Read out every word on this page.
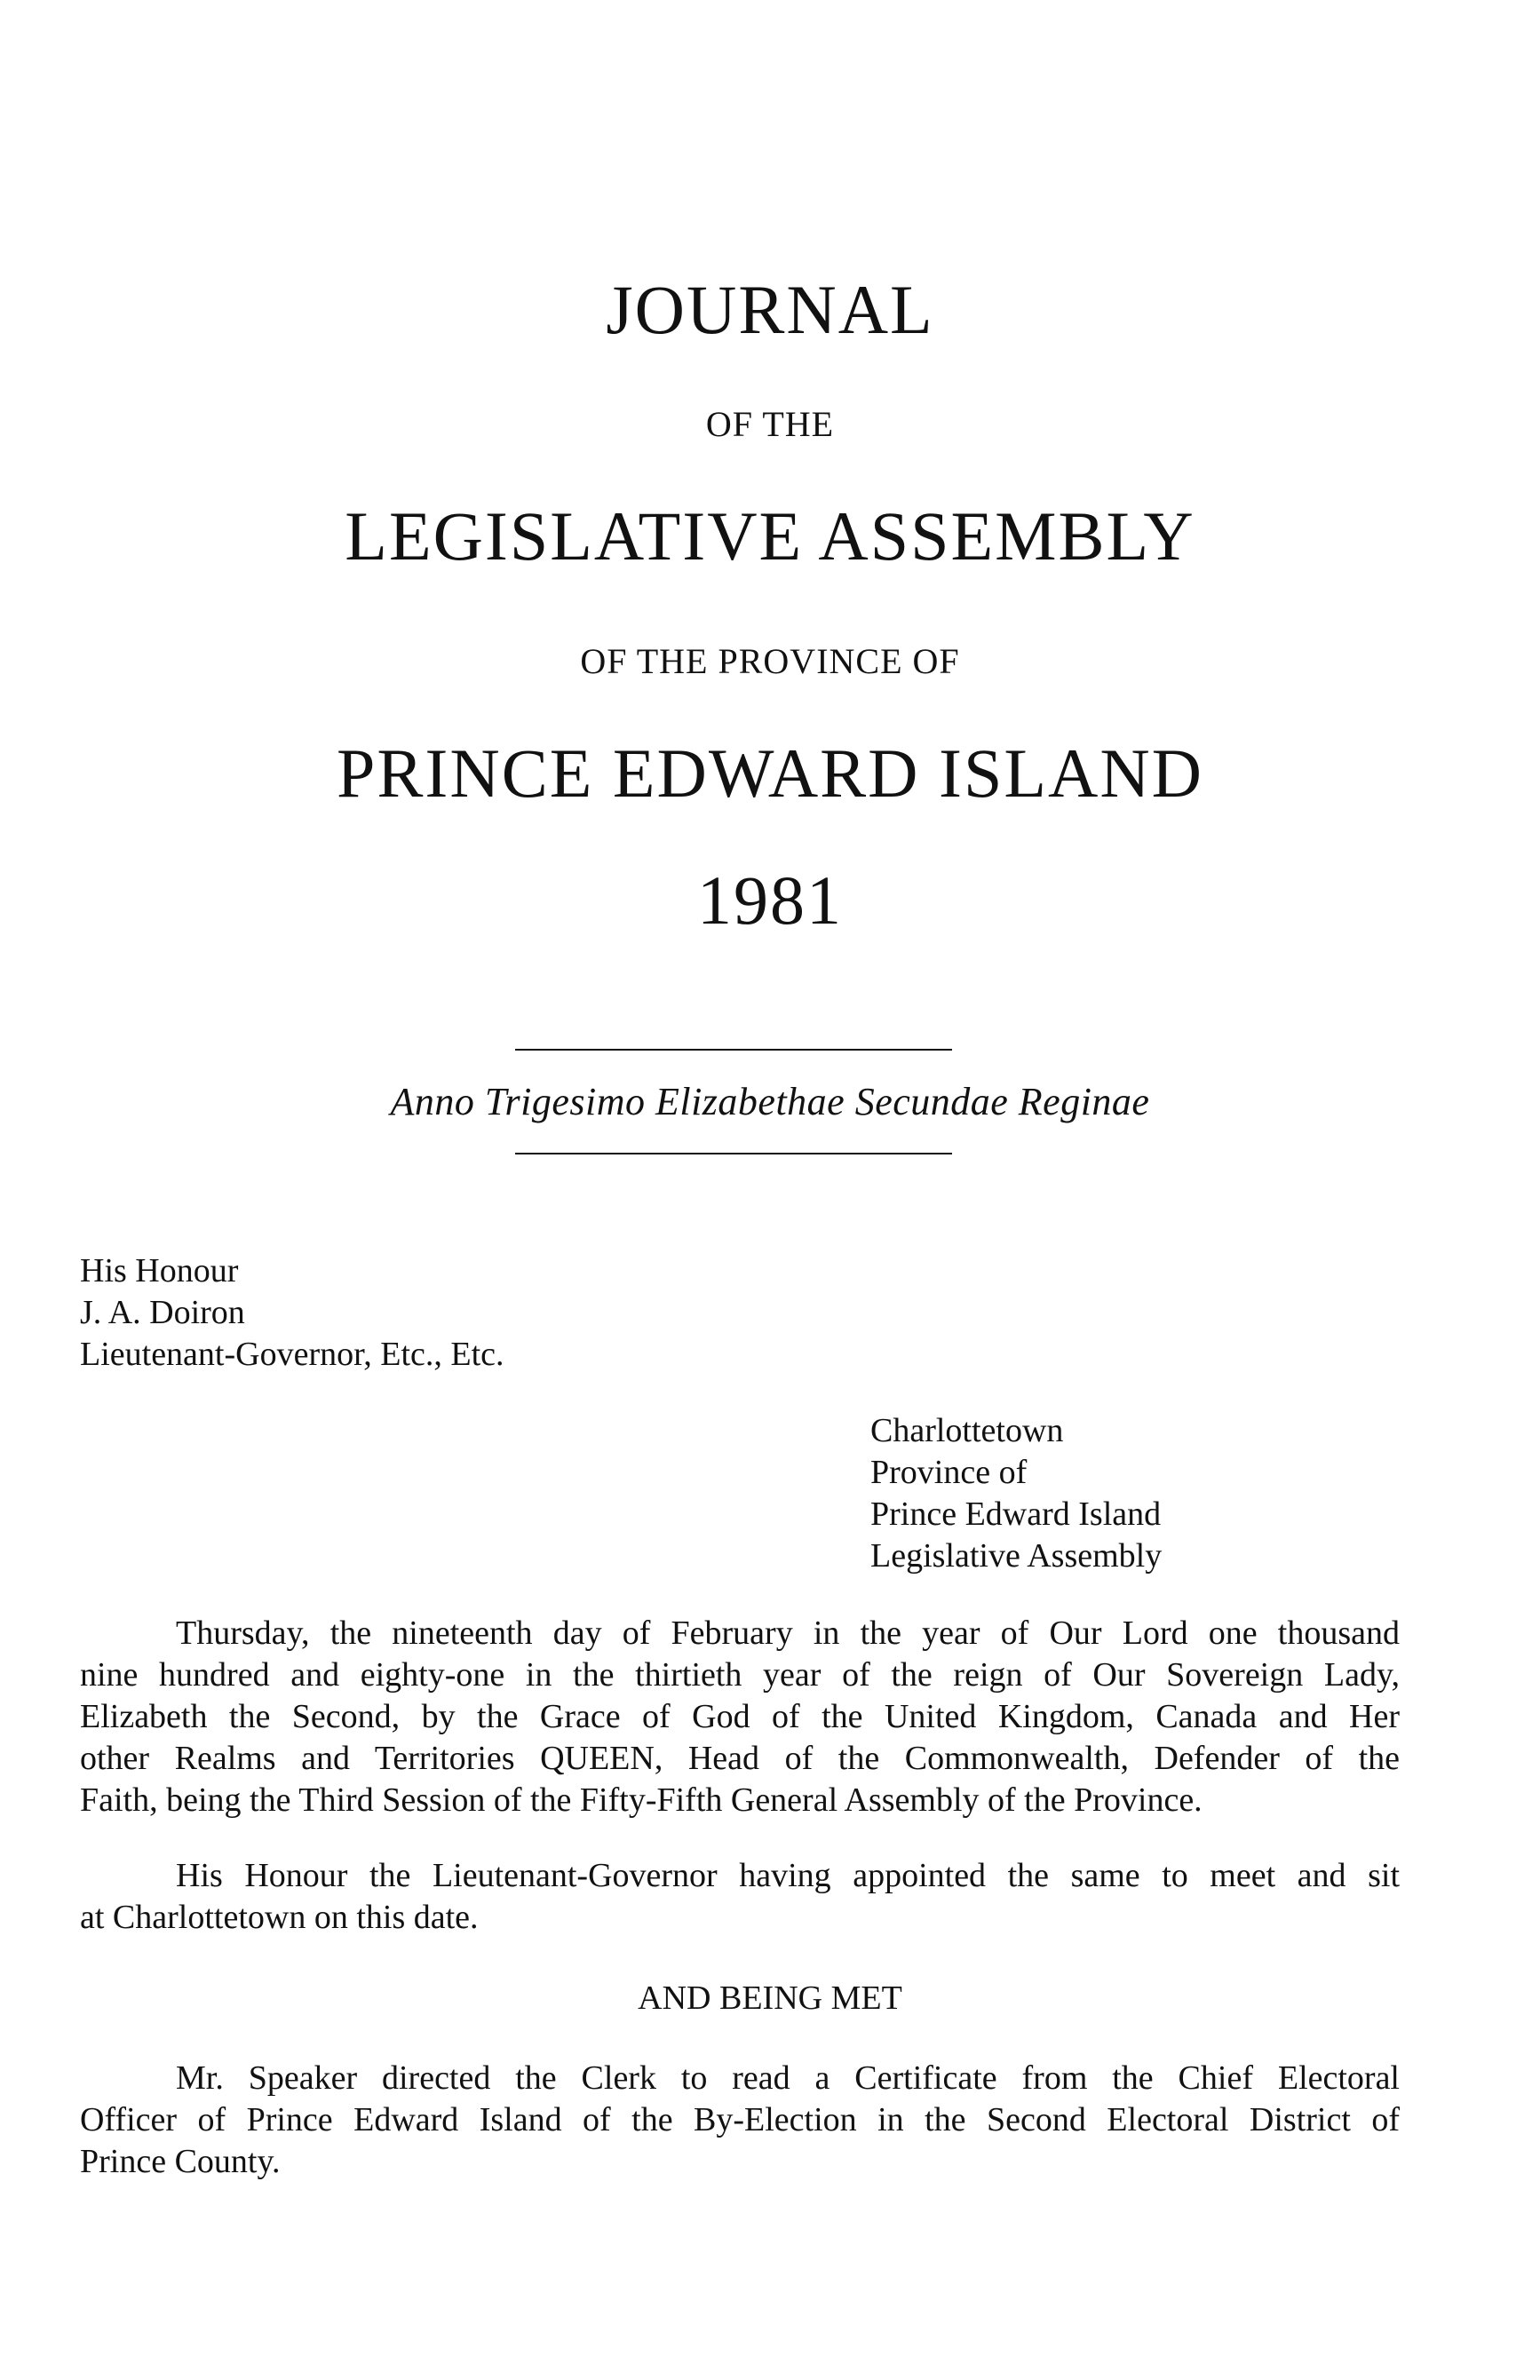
JOURNAL
OF THE
LEGISLATIVE ASSEMBLY
OF THE PROVINCE OF
PRINCE EDWARD ISLAND
1981
Anno Trigesimo Elizabethae Secundae Reginae
His Honour
J. A. Doiron
Lieutenant-Governor, Etc., Etc.
Charlottetown
Province of
Prince Edward Island
Legislative Assembly
Thursday, the nineteenth day of February in the year of Our Lord one thousand
nine hundred and eighty-one in the thirtieth year of the reign of Our Sovereign Lady,
Elizabeth the Second, by the Grace of God of the United Kingdom, Canada and Her
other Realms and Territories QUEEN, Head of the Commonwealth, Defender of the
Faith, being the Third Session of the Fifty-Fifth General Assembly of the Province.
His Honour the Lieutenant-Governor having appointed the same to meet and sit
at Charlottetown on this date.
AND BEING MET
Mr. Speaker directed the Clerk to read a Certificate from the Chief Electoral
Officer of Prince Edward Island of the By-Election in the Second Electoral District of
Prince County.
